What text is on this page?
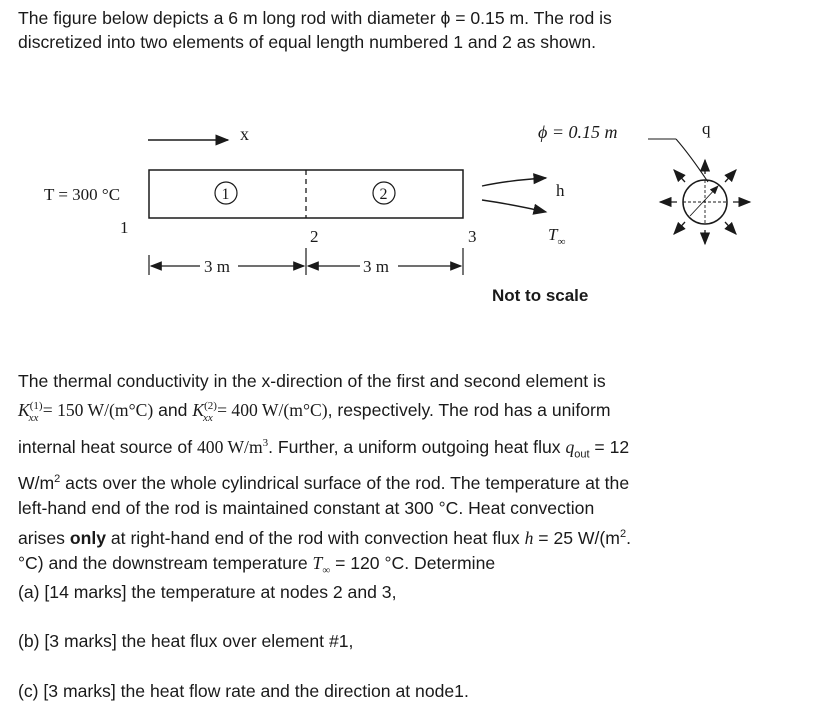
The figure below depicts a 6 m long rod with diameter ϕ = 0.15 m. The rod is
discretized into two elements of equal length numbered 1 and 2 as shown.
x
1	2
T = 300 °C
1	2	3
3 m	3 m
h
$T_\infty$
ϕ = 0.15 m	q
Not to scale
The thermal conductivity in the x-direction of the first and second element is
$K^{(1)}_{xx} = 150$ W/(m°C) and $K^{(2)}_{xx} = 400$ W/(m°C), respectively. The rod has a uniform
internal heat source of 400 $W/m^3$. Further, a uniform outgoing heat flux $q_{out} = 12$
$W/m^2$ acts over the whole cylindrical surface of the rod. The temperature at the
left-hand end of the rod is maintained constant at 300 °C. Heat convection
arises only at right-hand end of the rod with convection heat flux h = 25 $W/(m^2$.
°C) and the downstream temperature $T_\infty = 120$ °C. Determine
(a) [14 marks] the temperature at nodes 2 and 3,
(b) [3 marks] the heat flux over element #1,
(c) [3 marks] the heat flow rate and the direction at node1.
